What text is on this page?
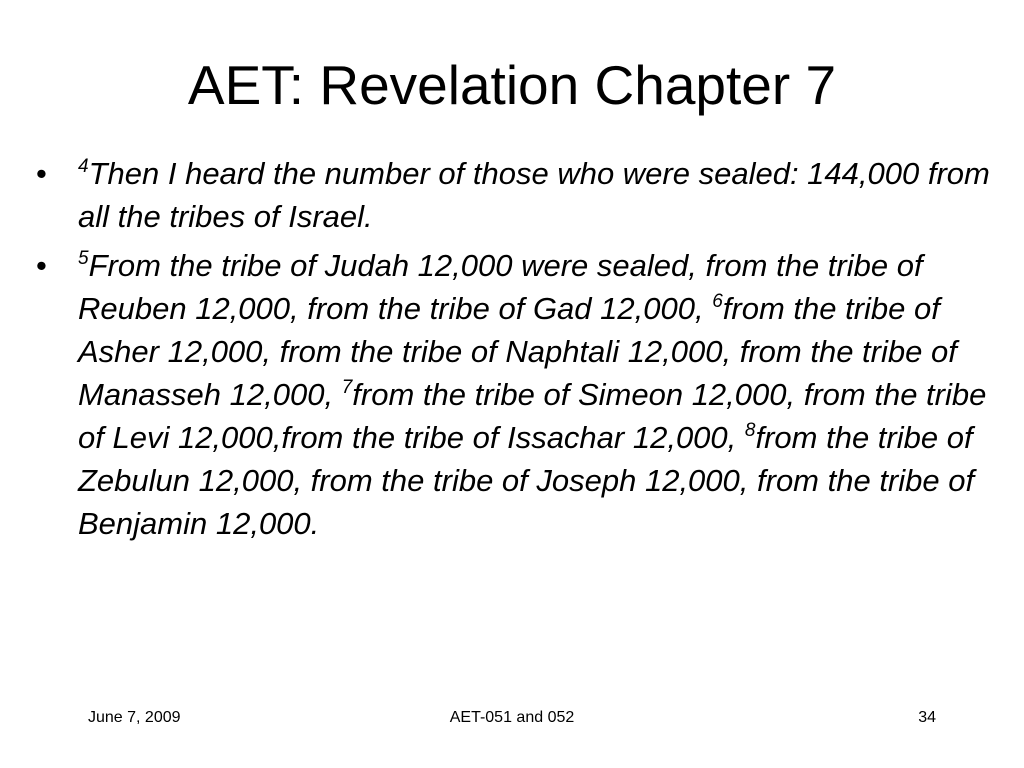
AET: Revelation Chapter 7
• $^4$Then I heard the number of those who were sealed: 144,000 from all the tribes of Israel.
• $^5$From the tribe of Judah 12,000 were sealed, from the tribe of Reuben 12,000, from the tribe of Gad 12,000, $^6$from the tribe of Asher 12,000, from the tribe of Naphtali 12,000, from the tribe of Manasseh 12,000, $^7$from the tribe of Simeon 12,000, from the tribe of Levi 12,000,from the tribe of Issachar 12,000, $^8$from the tribe of Zebulun 12,000, from the tribe of Joseph 12,000, from the tribe of Benjamin 12,000.
June 7, 2009	AET-051 and 052	34
